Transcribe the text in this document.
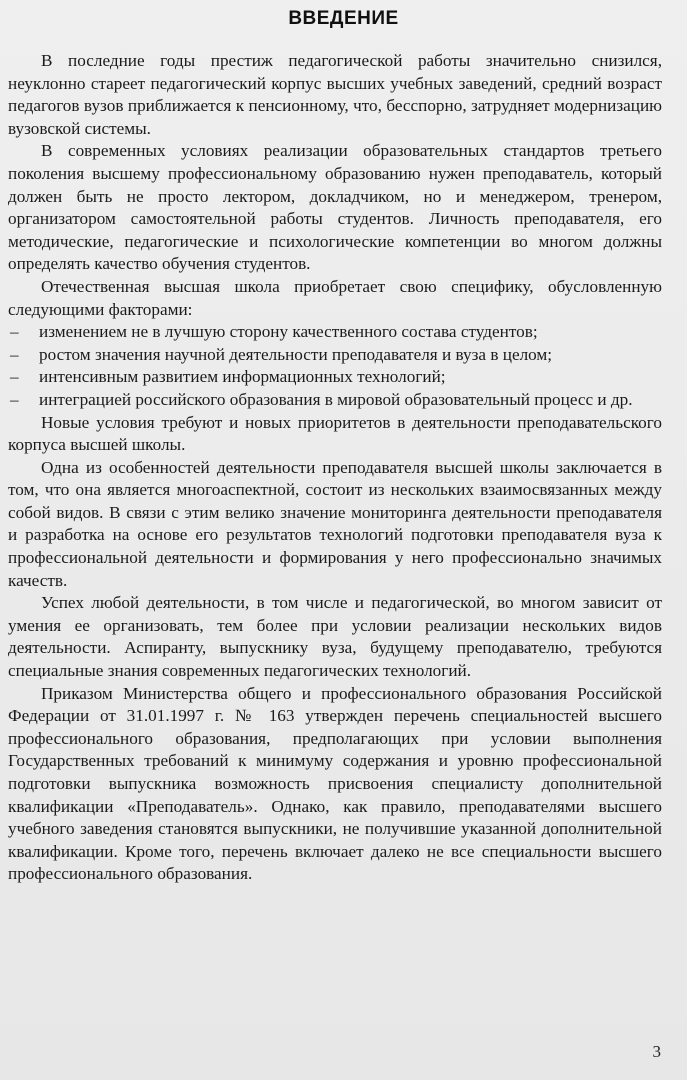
ВВЕДЕНИЕ

В последние годы престиж педагогической работы значительно снизился, неуклонно стареет педагогический корпус высших учебных заведений, средний возраст педагогов вузов приближается к пенсионному, что, бесспорно, затрудняет модернизацию вузовской системы.

В современных условиях реализации образовательных стандартов третьего поколения высшему профессиональному образованию нужен преподаватель, который должен быть не просто лектором, докладчиком, но и менеджером, тренером, организатором самостоятельной работы студентов. Личность преподавателя, его методические, педагогические и психологические компетенции во многом должны определять качество обучения студентов.

Отечественная высшая школа приобретает свою специфику, обусловленную следующими факторами:

– изменением не в лучшую сторону качественного состава студентов;
– ростом значения научной деятельности преподавателя и вуза в целом;
– интенсивным развитием информационных технологий;
– интеграцией российского образования в мировой образовательный процесс и др.

Новые условия требуют и новых приоритетов в деятельности преподавательского корпуса высшей школы.

Одна из особенностей деятельности преподавателя высшей школы заключается в том, что она является многоаспектной, состоит из нескольких взаимосвязанных между собой видов. В связи с этим велико значение мониторинга деятельности преподавателя и разработка на основе его результатов технологий подготовки преподавателя вуза к профессиональной деятельности и формирования у него профессионально значимых качеств.

Успех любой деятельности, в том числе и педагогической, во многом зависит от умения ее организовать, тем более при условии реализации нескольких видов деятельности. Аспиранту, выпускнику вуза, будущему преподавателю, требуются специальные знания современных педагогических технологий.

Приказом Министерства общего и профессионального образования Российской Федерации от 31.01.1997 г. № 163 утвержден перечень специальностей высшего профессионального образования, предполагающих при условии выполнения Государственных требований к минимуму содержания и уровню профессиональной подготовки выпускника возможность присвоения специалисту дополнительной квалификации «Преподаватель». Однако, как правило, преподавателями высшего учебного заведения становятся выпускники, не получившие указанной дополнительной квалификации. Кроме того, перечень включает далеко не все специальности высшего профессионального образования.

3
